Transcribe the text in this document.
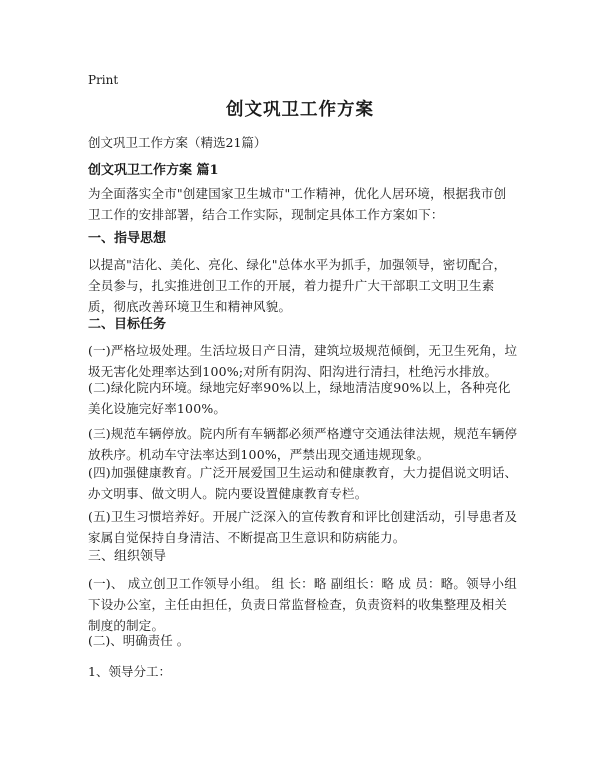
Print

创文巩卫工作方案

创文巩卫工作方案（精选21篇）

创文巩卫工作方案 篇1

为全面落实全市"创建国家卫生城市"工作精神，优化人居环境，根据我市创卫工作的安排部署，结合工作实际，现制定具体工作方案如下：

一、指导思想

以提高"洁化、美化、亮化、绿化"总体水平为抓手，加强领导，密切配合，全员参与，扎实推进创卫工作的开展，着力提升广大干部职工文明卫生素质，彻底改善环境卫生和精神风貌。

二、目标任务

(一)严格垃圾处理。生活垃圾日产日清，建筑垃圾规范倾倒，无卫生死角，垃圾无害化处理率达到100%;对所有阴沟、阳沟进行清扫，杜绝污水排放。

(二)绿化院内环境。绿地完好率90%以上，绿地清洁度90%以上，各种亮化美化设施完好率100%。

(三)规范车辆停放。院内所有车辆都必须严格遵守交通法律法规，规范车辆停放秩序。机动车守法率达到100%，严禁出现交通违规现象。

(四)加强健康教育。广泛开展爱国卫生运动和健康教育，大力提倡说文明话、办文明事、做文明人。院内要设置健康教育专栏。

(五)卫生习惯培养好。开展广泛深入的宣传教育和评比创建活动，引导患者及家属自觉保持自身清洁、不断提高卫生意识和防病能力。

三、组织领导

(一)、 成立创卫工作领导小组。 组 长：略 副组长：略 成 员：略。领导小组下设办公室，主任由担任，负责日常监督检查，负责资料的收集整理及相关制度的制定。

(二)、明确责任 。

1、领导分工：
